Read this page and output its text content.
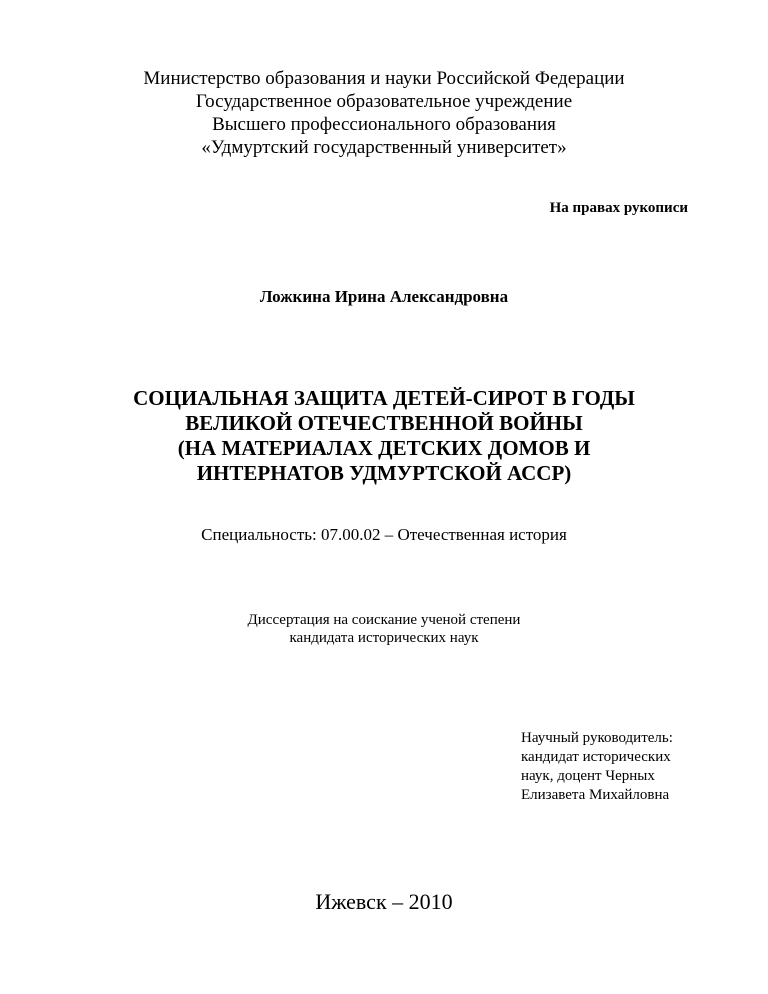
Министерство образования и науки Российской Федерации
Государственное образовательное учреждение
Высшего профессионального образования
«Удмуртский государственный университет»
На правах рукописи
Ложкина Ирина Александровна
СОЦИАЛЬНАЯ ЗАЩИТА ДЕТЕЙ-СИРОТ В ГОДЫ
ВЕЛИКОЙ ОТЕЧЕСТВЕННОЙ ВОЙНЫ
(НА МАТЕРИАЛАХ ДЕТСКИХ ДОМОВ И
ИНТЕРНАТОВ УДМУРТСКОЙ АССР)
Специальность: 07.00.02 – Отечественная история
Диссертация на соискание ученой степени
кандидата исторических наук
Научный руководитель:
кандидат исторических
наук, доцент Черных
Елизавета Михайловна
Ижевск – 2010
